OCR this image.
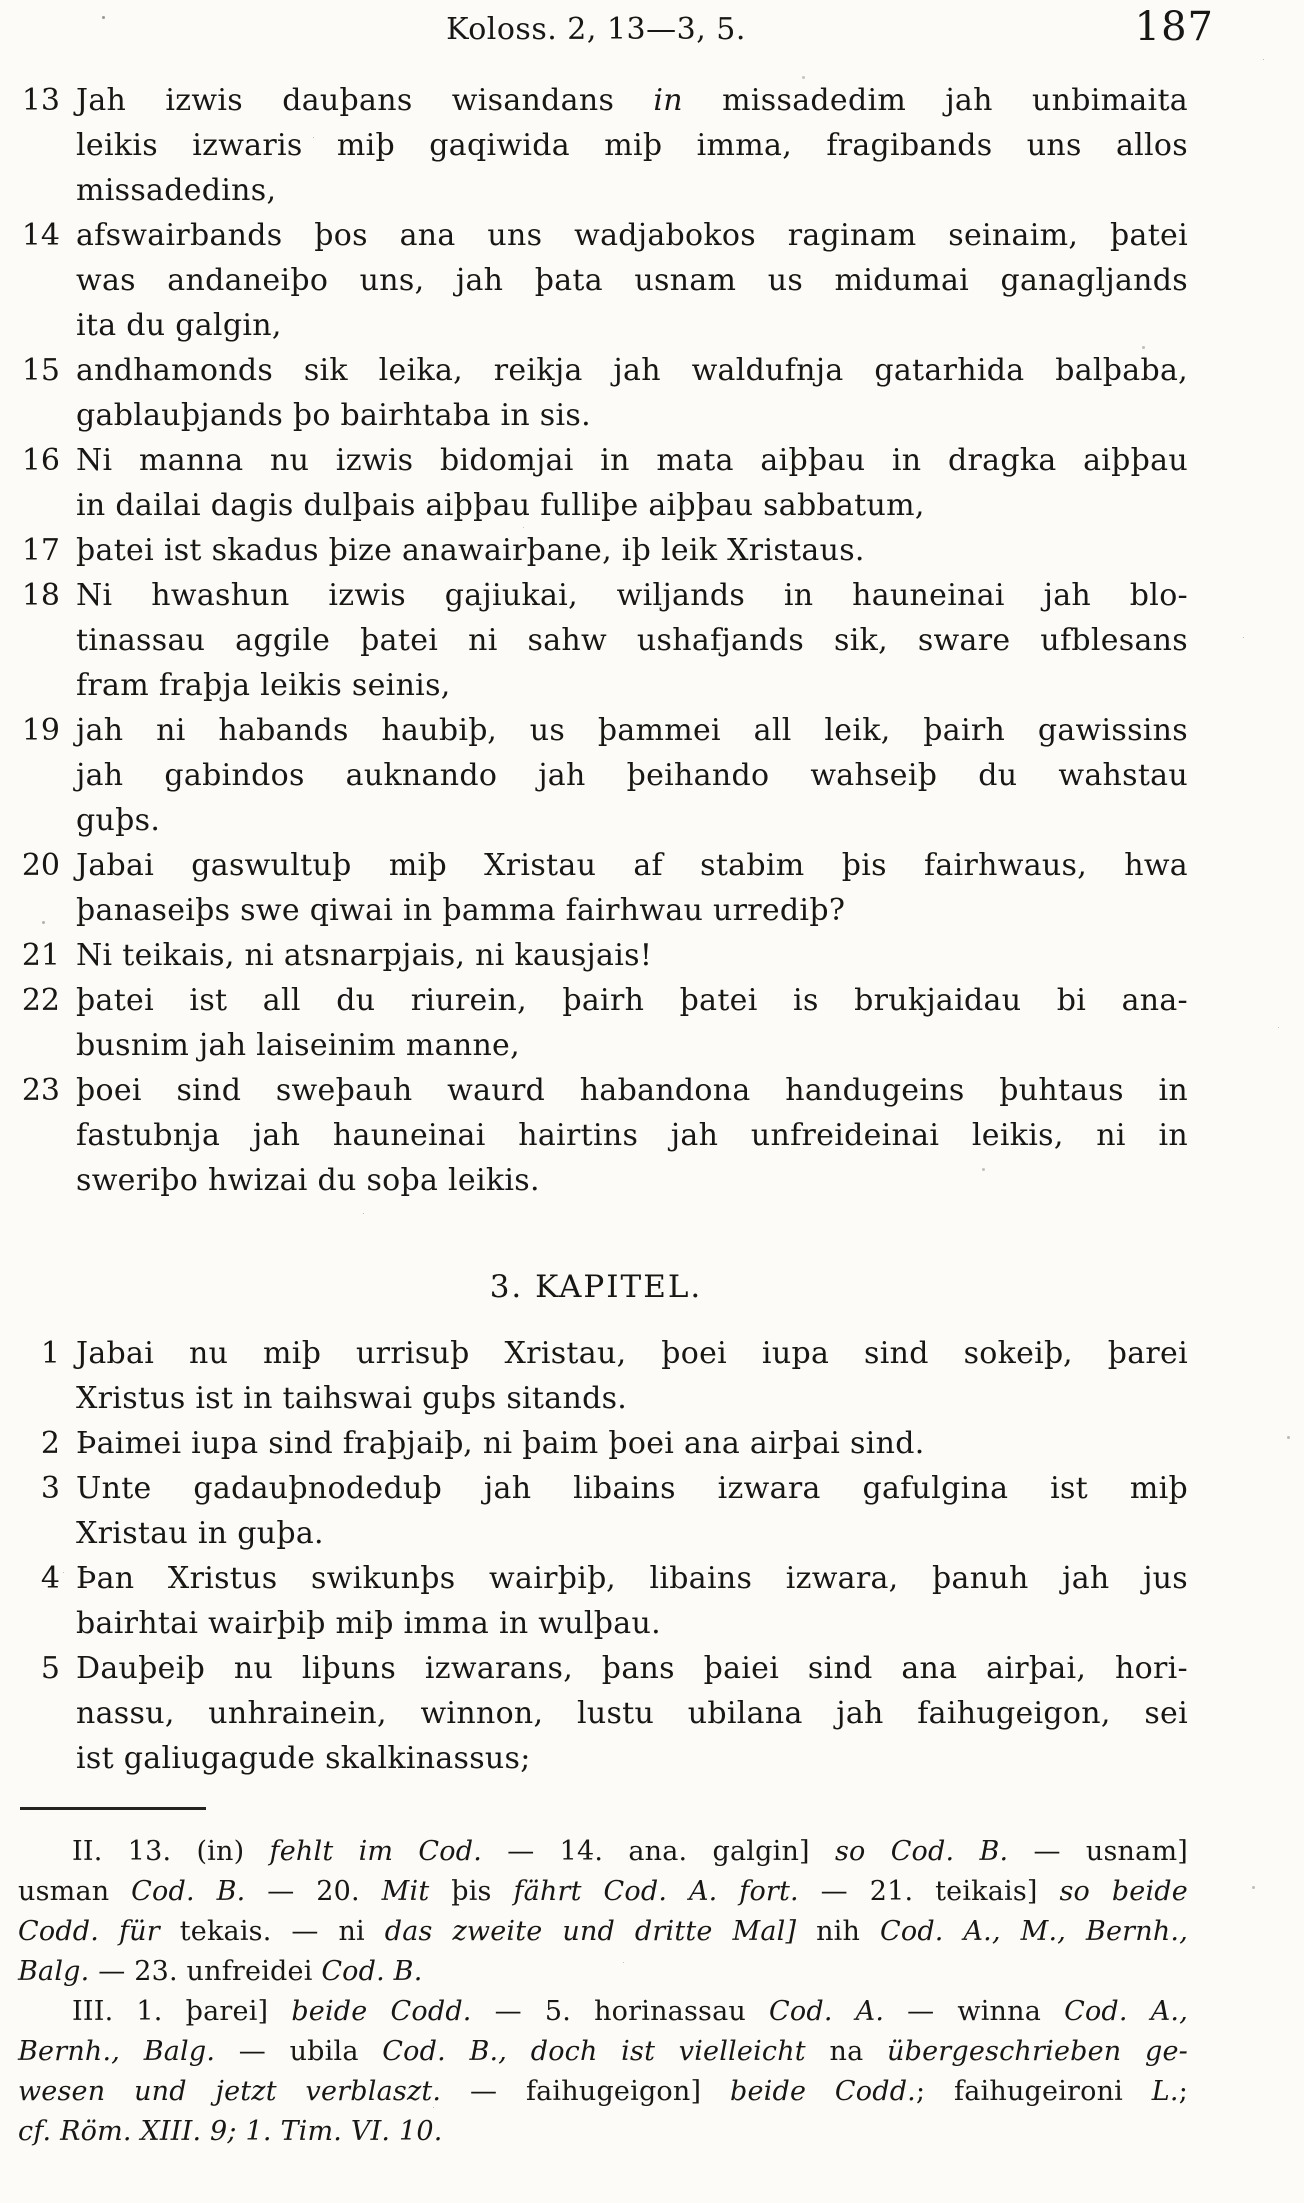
Koloss. 2, 13—3, 5.	187
13 Jah izwis dauþans wisandans in missadedim jah unbimaita
leikis izwaris miþ gaqiwida miþ imma, fragibands uns allos
missadedins,
14 afswairbands þos ana uns wadjabokos raginam seinaim, þatei
was andaneiþo uns, jah þata usnam us midumai ganagljands
ita du galgin,
15 andhamonds sik leika, reikja jah waldufnja gatarhida balþaba,
gablauþjands þo bairhtaba in sis.
16 Ni manna nu izwis bidomjai in mata aiþþau in dragka aiþþau
in dailai dagis dulþais aiþþau fulliþe aiþþau sabbatum,
17 þatei ist skadus þize anawairþane, iþ leik Xristaus.
18 Ni hwashun izwis gajiukai, wiljands in hauneinai jah blo-
tinassau aggile þatei ni sahw ushafjands sik, sware ufblesans
fram fraþja leikis seinis,
19 jah ni habands haubiþ, us þammei all leik, þairh gawissins
jah gabindos auknando jah þeihando wahseiþ du wahstau
guþs.
20 Jabai gaswultuþ miþ Xristau af stabim þis fairhwaus, hwa
þanaseiþs swe qiwai in þamma fairhwau urrediþ?
21 Ni teikais, ni atsnarpjais, ni kausjais!
22 þatei ist all du riurein, þairh þatei is brukjaidau bi ana-
busnim jah laiseinim manne,
23 þoei sind sweþauh waurd habandona handugeins þuhtaus in
fastubnja jah hauneinai hairtins jah unfreideinai leikis, ni in
sweriþo hwizai du soþa leikis.
3. KAPITEL.
1 Jabai nu miþ urrisuþ Xristau, þoei iupa sind sokeiþ, þarei
Xristus ist in taihswai guþs sitands.
2 Þaimei iupa sind fraþjaiþ, ni þaim þoei ana airþai sind.
3 Unte gadauþnodeduþ jah libains izwara gafulgina ist miþ
Xristau in guþa.
4 Þan Xristus swikunþs wairþiþ, libains izwara, þanuh jah jus
bairhtai wairþiþ miþ imma in wulþau.
5 Dauþeiþ nu liþuns izwarans, þans þaiei sind ana airþai, hori-
nassu, unhrainein, winnon, lustu ubilana jah faihugeigon, sei
ist galiugagude skalkinassus;
II. 13. (in) fehlt im Cod. — 14. ana. galgin] so Cod. B. — usnam]
usman Cod. B. — 20. Mit þis fährt Cod. A. fort. — 21. teikais] so beide
Codd. für tekais. — ni das zweite und dritte Mal] nih Cod. A., M., Bernh.,
Balg. — 23. unfreidei Cod. B.
III. 1. þarei] beide Codd. — 5. horinassau Cod. A. — winna Cod. A.,
Bernh., Balg. — ubila Cod. B., doch ist vielleicht na übergeschrieben ge-
wesen und jetzt verblaszt. — faihugeigon] beide Codd.; faihugeironi L.;
cf. Röm. XIII. 9; 1. Tim. VI. 10.
